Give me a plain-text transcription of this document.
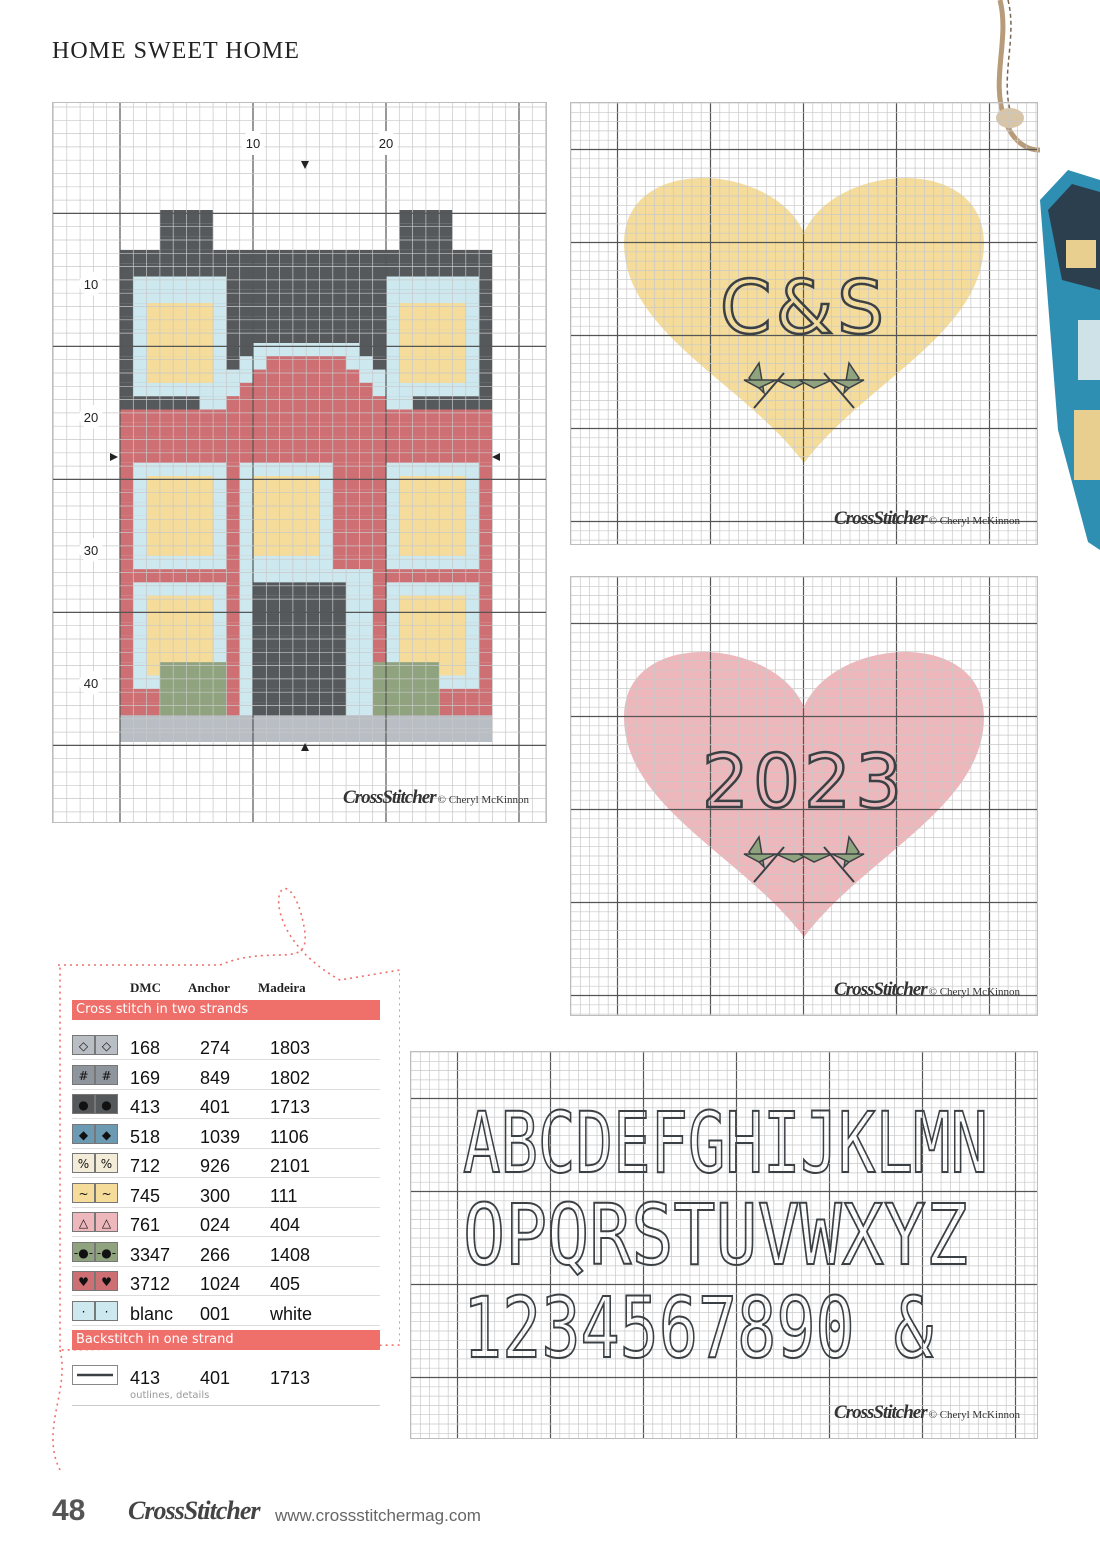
HOME SWEET HOME
10	20
10
20
30
40
CrossStitcher © Cheryl McKinnon
C&S
CrossStitcher © Cheryl McKinnon
2023
CrossStitcher © Cheryl McKinnon
ABCDEFGHIJKLMN
OPQRSTUVWXYZ
1234567890 &
CrossStitcher © Cheryl McKinnon
DMC Anchor Madeira
Cross stitch in two strands
◇ ◇ 168 274 1803
# # 169 849 1802
● ● 413 401 1713
◆ ◆ 518 1039 1106
% % 712 926 2101
~ ~ 745 300 111
△ △ 761 024 404
-●- -●- 3347 266 1408
♥ ♥ 3712 1024 405
· · blanc 001 white
Backstitch in one strand
413 401 1713
outlines, details
48 CrossStitcher www.crossstitchermag.com
